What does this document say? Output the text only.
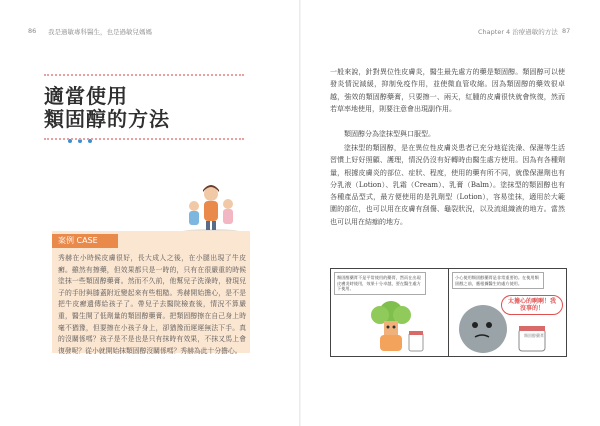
86 我是過敏專科醫生，也是過敏兒媽媽	Chapter 4 治療過敏的方法 87
適當使用
類固醇的方法
案例 CASE
秀赫在小時候皮膚很好，長大成人之後，在小腿出現了牛皮癬。雖然有擦藥，但效果都只是一時的，只有在很嚴重的時候塗抹一些類固醇藥膏。然而不久前，他幫兒子洗澡時，發現兒子的手肘與膝蓋附近變起來有些粗糙。秀赫開始擔心，是不是把牛皮癬遺傳給孩子了。帶兒子去醫院檢查後，情況不算嚴重，醫生開了低劑量的類固醇藥膏。把類固醇擦在自己身上時毫不猶豫，但要擦在小孩子身上，卻猶豫而遲遲無法下手。真的沒關係嗎？孩子是不是也是只有抹時有效果，不抹又馬上會復發呢？從小就開始抹類固醇沒關係嗎？秀赫為此十分擔心。
一般來說，針對異位性皮膚炎，醫生最先處方的藥是類固醇。類固醇可以使發炎情況減緩，抑制免疫作用，並使微血管收縮。因為類固醇的藥效很卓越，強效的類固醇藥膏，只要擦一、兩天，紅腫的皮膚很快就會恢復，然而若草率地使用，則要注意會出現副作用。
類固醇分為塗抹型與口服型。
塗抹型的類固醇，是在異位性皮膚炎患者已充分地從洗澡、保濕等生活習慣上好好照顧、護理，情況仍沒有好轉時由醫生處方使用。因為有各種劑量，根據皮膚炎的部位、症狀、程度，使用的藥有所不同，就像保濕劑也有分乳液（Lotion）、乳霜（Cream）、乳膏（Balm）。塗抹型的類固醇也有各種產品型式，最方便使用的是乳劑型（Lotion），容易塗抹，適用於大範圍的部位，也可以用在皮膚有刮傷、龜裂狀況，以及流組織液的地方。當然也可以用在結痂的地方。
類固醇藥膏不是平常使用的藥膏，然而在出現皮膚炎時使用，效果十分卓越，要在醫生處方下使用。
小心使用類固醇藥膏是非常重要的。在使用類固醇之前，應根據醫生的處方使用。
類固醇藥膏
太擔心的啊啊！我沒事的！
